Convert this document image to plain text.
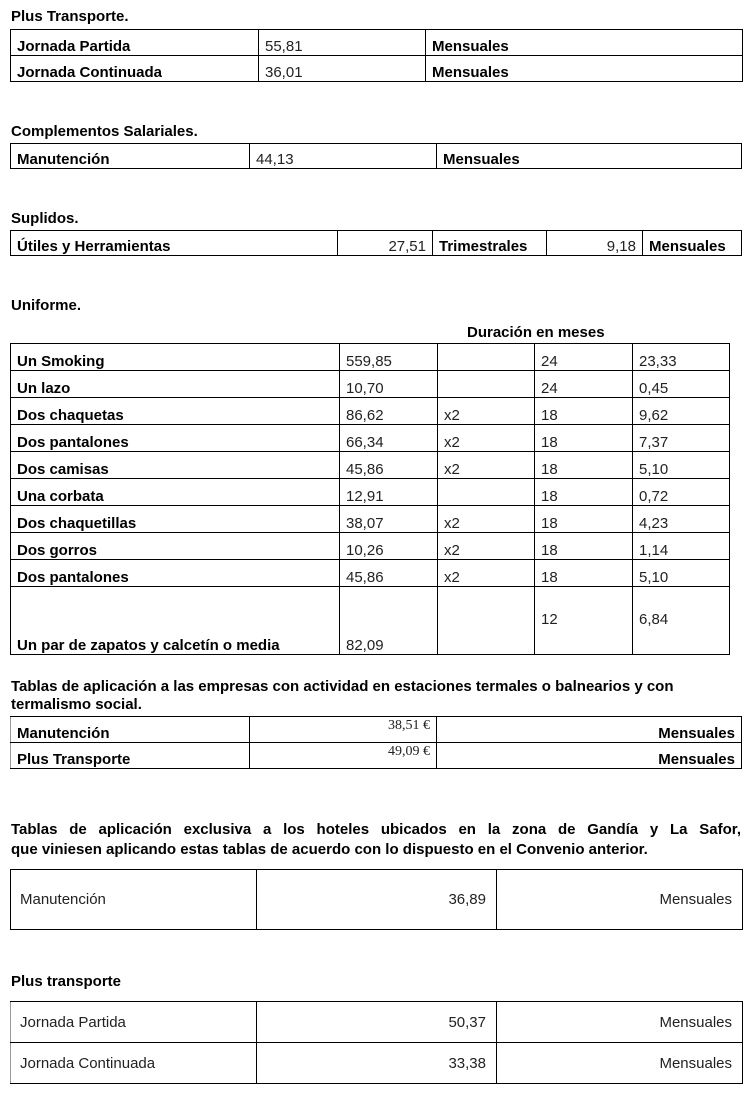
Plus Transporte.
Jornada Partida	55,81	Mensuales
Jornada Continuada	36,01	Mensuales
Complementos Salariales.
Manutención	44,13	Mensuales
Suplidos.
Útiles y Herramientas	27,51	Trimestrales	9,18	Mensuales
Uniforme.
Duración en meses
Un Smoking	559,85		24	23,33
Un lazo	10,70		24	0,45
Dos chaquetas	86,62	x2	18	9,62
Dos pantalones	66,34	x2	18	7,37
Dos camisas	45,86	x2	18	5,10
Una corbata	12,91		18	0,72
Dos chaquetillas	38,07	x2	18	4,23
Dos gorros	10,26	x2	18	1,14
Dos pantalones	45,86	x2	18	5,10
Un par de zapatos y calcetín o media	82,09		12	6,84
Tablas de aplicación a las empresas con actividad en estaciones termales o balnearios y con termalismo social.
Manutención	38,51 €	Mensuales
Plus Transporte	49,09 €	Mensuales
Tablas de aplicación exclusiva a los hoteles ubicados en la zona de Gandía y La Safor,
que viniesen aplicando estas tablas de acuerdo con lo dispuesto en el Convenio anterior.
Manutención	36,89	Mensuales
Plus transporte
Jornada Partida	50,37	Mensuales
Jornada Continuada	33,38	Mensuales
